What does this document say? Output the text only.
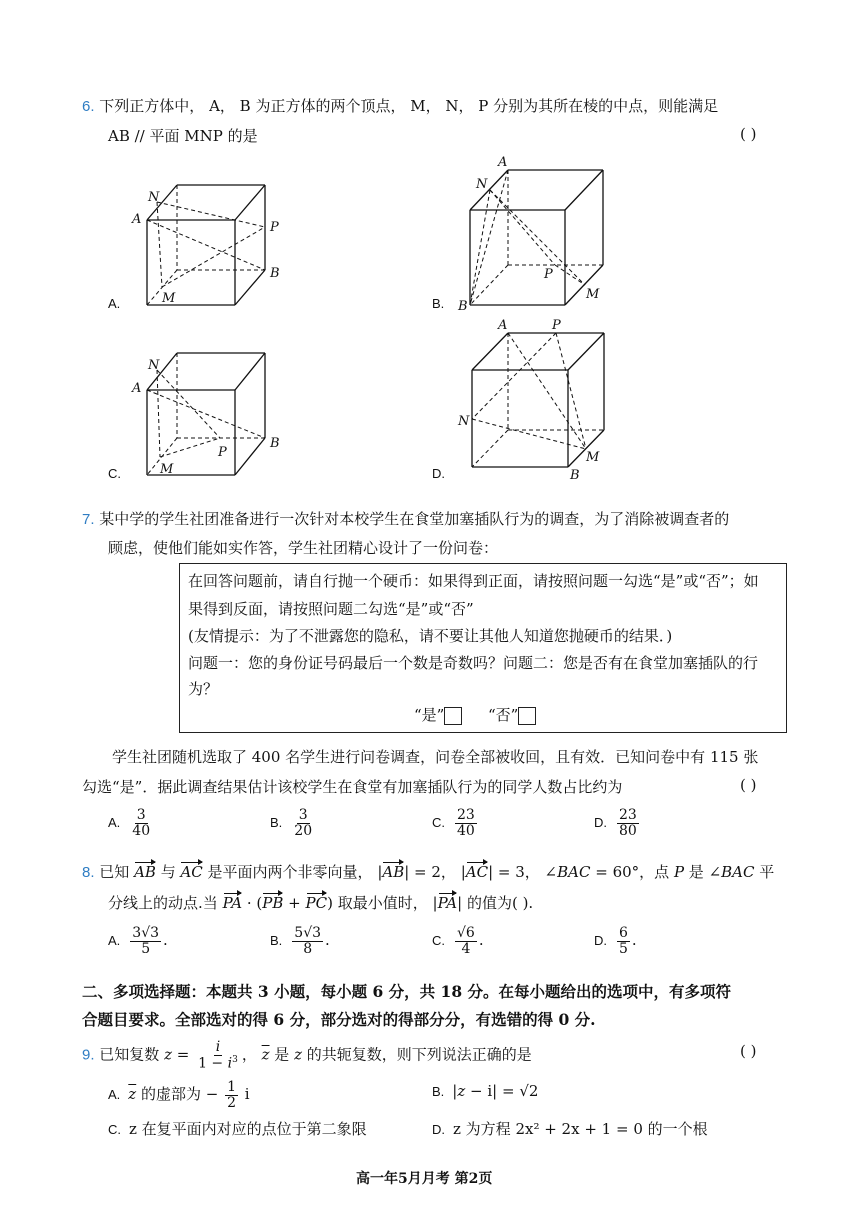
6. 下列正方体中， A， B 为正方体的两个顶点， M， N， P 分别为其所在棱的中点，则能满足
AB // 平面 MNP 的是	( )
N
A
P
B
M
A.
A
N
P
M
B
B.
N
A
P
B
M
C.
A	P
N
M
B
D.
7. 某中学的学生社团准备进行一次针对本校学生在食堂加塞插队行为的调查，为了消除被调查者的
顾虑，使他们能如实作答，学生社团精心设计了一份问卷：
在回答问题前，请自行抛一个硬币：如果得到正面，请按照问题一勾选“是”或“否”；如
果得到反面，请按照问题二勾选“是”或“否”
(友情提示：为了不泄露您的隐私，请不要让其他人知道您抛硬币的结果．)
问题一：您的身份证号码最后一个数是奇数吗？问题二：您是否有在食堂加塞插队的行
为？
“是”	“否”
学生社团随机选取了 400 名学生进行问卷调查，问卷全部被收回，且有效．已知问卷中有 115 张
勾选“是”．据此调查结果估计该校学生在食堂有加塞插队行为的同学人数占比约为	( )
A. $\frac{3}{40}$	B. $\frac{3}{20}$	C. $\frac{23}{40}$	D. $\frac{23}{80}$
8. 已知 AB 与 AC 是平面内两个非零向量， |AB| = 2， |AC| = 3， ∠BAC = 60°，点 P 是 ∠BAC 平
分线上的动点.当 PA · (PB + PC) 取最小值时， |PA| 的值为( ).
A. $\frac{3√3}{5}$ .	B. $\frac{5√3}{8}$ .	C. $\frac{√6}{4}$ .	D. $\frac{6}{5}$ .
二、多项选择题：本题共 3 小题，每小题 6 分，共 18 分。在每小题给出的选项中，有多项符
合题目要求。全部选对的得 6 分，部分选对的得部分分，有选错的得 0 分.
9. 已知复数 $z = \frac{i}{1 - i^3}$ ， $\overline{z}$ 是 z 的共轭复数，则下列说法正确的是	( )
A. $\overline{z}$ 的虚部为 − $\frac{1}{2}$ i	B. |z − i| = √2
C. z 在复平面内对应的点位于第二象限	D. z 为方程 2x² + 2x + 1 = 0 的一个根
高一年5月月考 第2页
